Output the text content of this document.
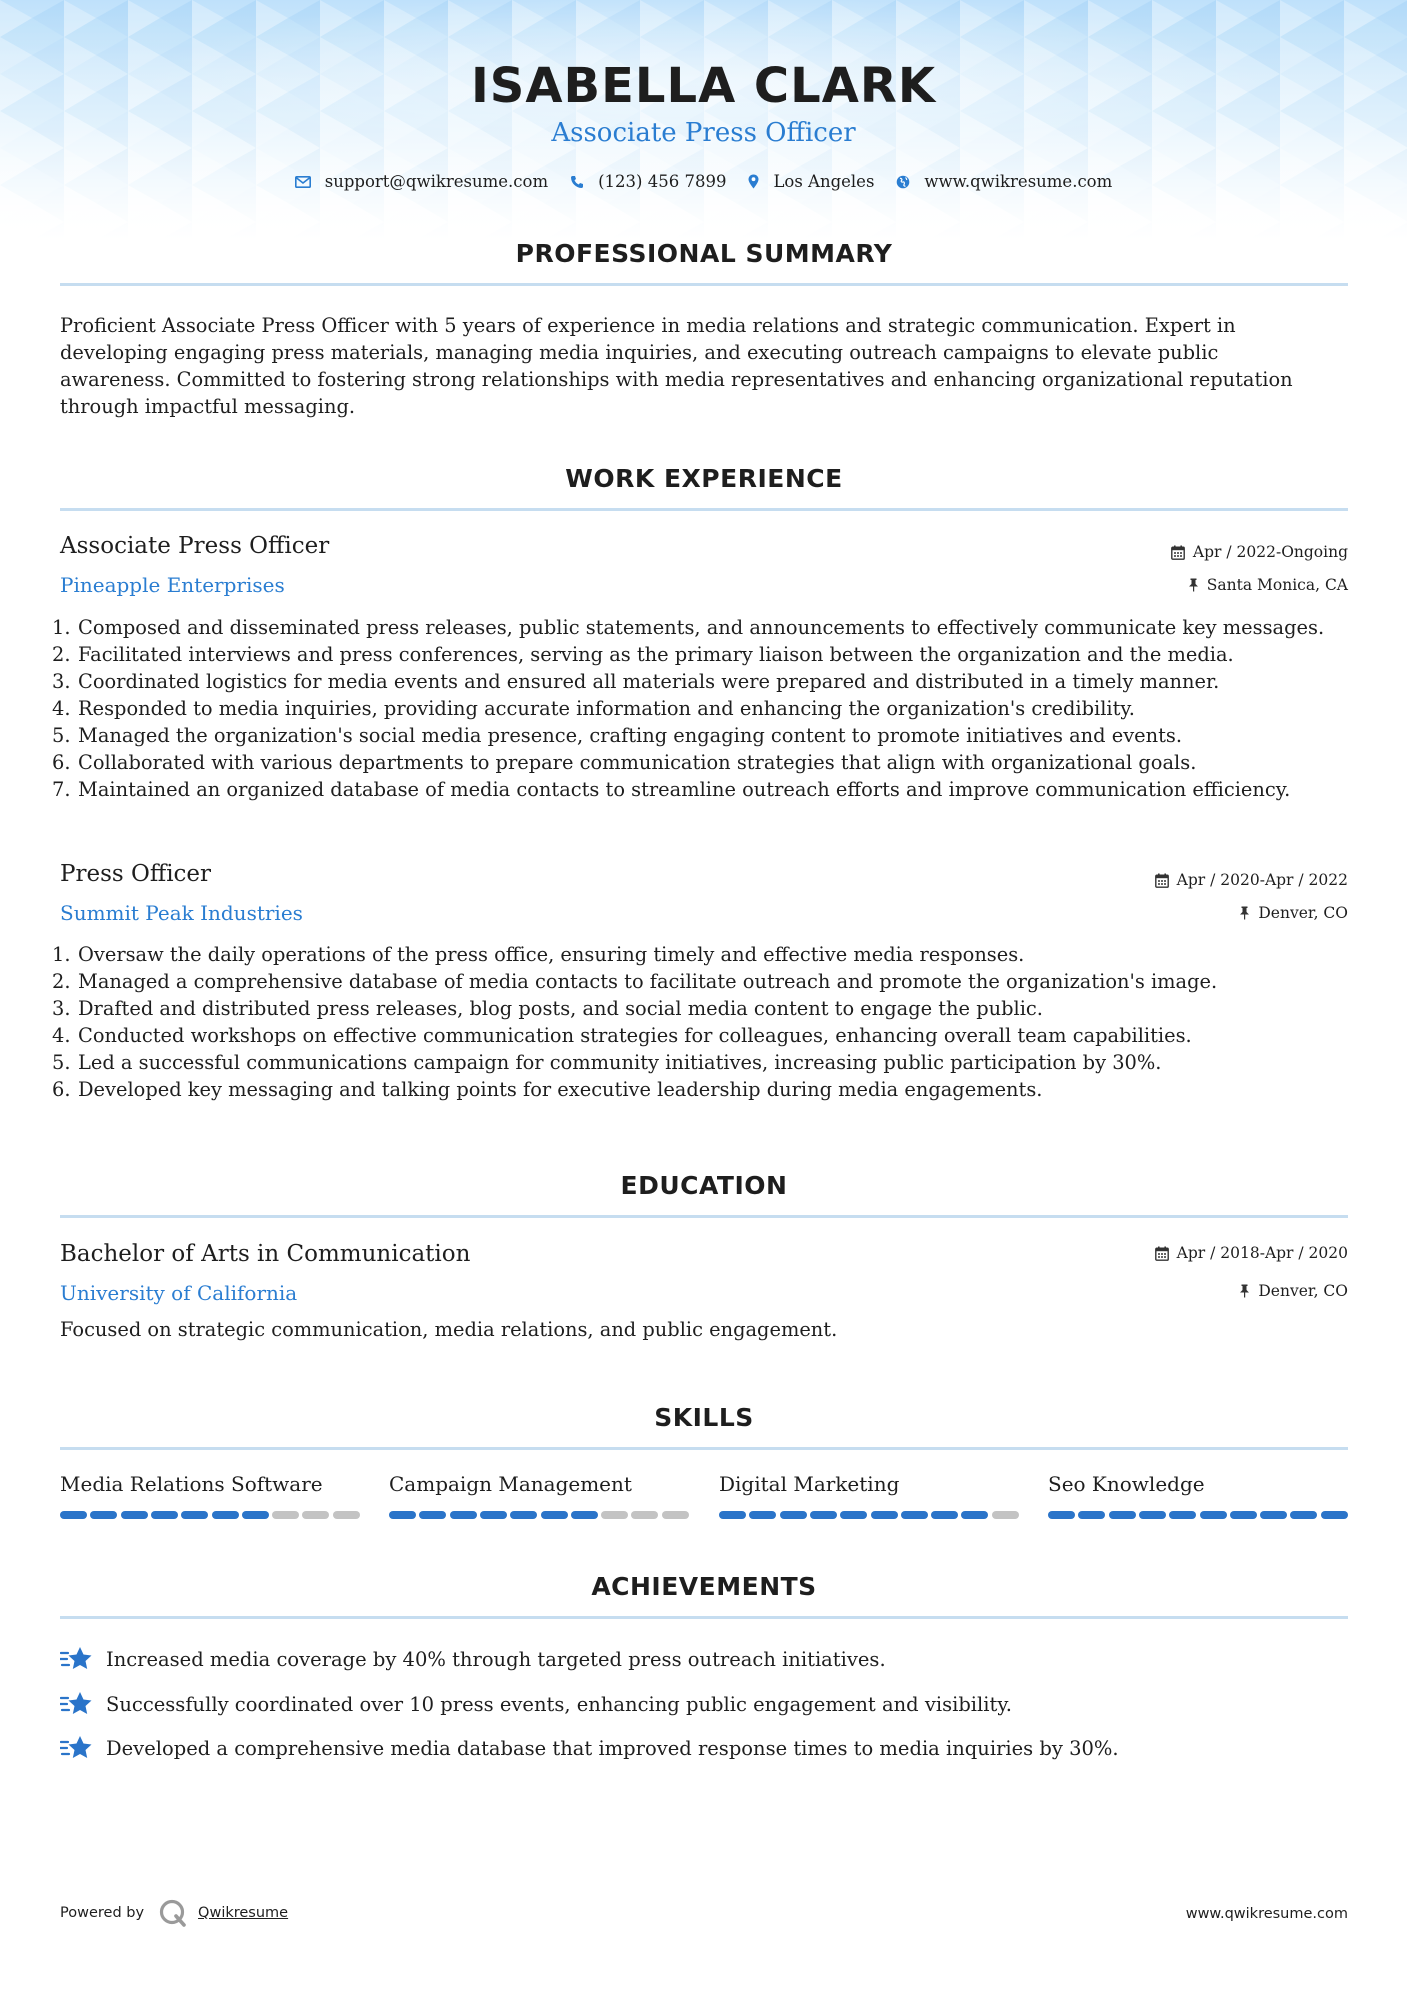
ISABELLA CLARK
Associate Press Officer
support@qwikresume.com	(123) 456 7899	Los Angeles	www.qwikresume.com
PROFESSIONAL SUMMARY
Proficient Associate Press Officer with 5 years of experience in media relations and strategic communication. Expert in
developing engaging press materials, managing media inquiries, and executing outreach campaigns to elevate public
awareness. Committed to fostering strong relationships with media representatives and enhancing organizational reputation
through impactful messaging.
WORK EXPERIENCE
Associate Press Officer	Apr / 2022-Ongoing
Pineapple Enterprises	Santa Monica, CA
1. Composed and disseminated press releases, public statements, and announcements to effectively communicate key messages.
2. Facilitated interviews and press conferences, serving as the primary liaison between the organization and the media.
3. Coordinated logistics for media events and ensured all materials were prepared and distributed in a timely manner.
4. Responded to media inquiries, providing accurate information and enhancing the organization's credibility.
5. Managed the organization's social media presence, crafting engaging content to promote initiatives and events.
6. Collaborated with various departments to prepare communication strategies that align with organizational goals.
7. Maintained an organized database of media contacts to streamline outreach efforts and improve communication efficiency.
Press Officer	Apr / 2020-Apr / 2022
Summit Peak Industries	Denver, CO
1. Oversaw the daily operations of the press office, ensuring timely and effective media responses.
2. Managed a comprehensive database of media contacts to facilitate outreach and promote the organization's image.
3. Drafted and distributed press releases, blog posts, and social media content to engage the public.
4. Conducted workshops on effective communication strategies for colleagues, enhancing overall team capabilities.
5. Led a successful communications campaign for community initiatives, increasing public participation by 30%.
6. Developed key messaging and talking points for executive leadership during media engagements.
EDUCATION
Bachelor of Arts in Communication	Apr / 2018-Apr / 2020
University of California	Denver, CO
Focused on strategic communication, media relations, and public engagement.
SKILLS
Media Relations Software	Campaign Management	Digital Marketing	Seo Knowledge
ACHIEVEMENTS
Increased media coverage by 40% through targeted press outreach initiatives.
Successfully coordinated over 10 press events, enhancing public engagement and visibility.
Developed a comprehensive media database that improved response times to media inquiries by 30%.
Powered by	Qwikresume	www.qwikresume.com
